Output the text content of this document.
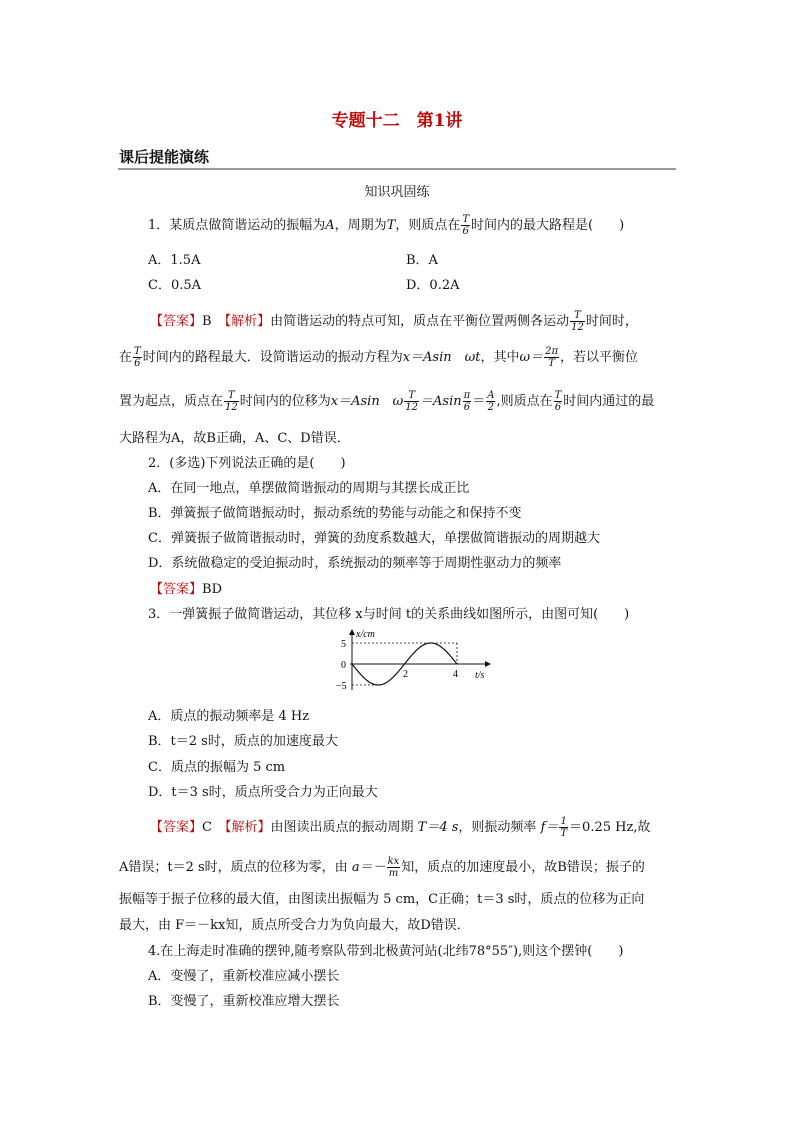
专题十二　第1讲
课后提能演练
知识巩固练
1．某质点做简谐运动的振幅为A，周期为T，则质点在 $\frac{T}{6}$ 时间内的最大路程是(　　)
A．1.5A	B．A
C．0.5A	D．0.2A
【答案】B　 【解析】由简谐运动的特点可知，质点在平衡位置两侧各运动 $\frac{T}{12}$ 时间时，
在 $\frac{T}{6}$ 时间内的路程最大．设简谐运动的振动方程为x＝Asin　ωt，其中$\omega= \frac{2\pi}{T}$ ，若以平衡位
置为起点，质点在 $\frac{T}{12}$ 时间内的位移为x＝Asin　ω $\frac{T}{12} =Asin \frac{\pi}{6} = \frac{A}{2}$ ,则质点在 $\frac{T}{6}$ 时间内通过的最
大路程为A，故B正确，A、C、D错误．
2．(多选)下列说法正确的是(　　)
A．在同一地点，单摆做简谐振动的周期与其摆长成正比
B．弹簧振子做简谐振动时，振动系统的势能与动能之和保持不变
C．弹簧振子做简谐振动时，弹簧的劲度系数越大，单摆做简谐振动的周期越大
D．系统做稳定的受迫振动时，系统振动的频率等于周期性驱动力的频率
【答案】BD
3．一弹簧振子做简谐运动，其位移 x与时间 t的关系曲线如图所示，由图可知(　　)
x/cm
t/s
5
0
−5
2	4
A．质点的振动频率是 4 Hz
B．t＝2 s时，质点的加速度最大
C．质点的振幅为 5 cm
D．t＝3 s时，质点所受合力为正向最大
【答案】C　 【解析】由图读出质点的振动周期 T＝4 s，则振动频率 $f= \frac{1}{T} =0.25$ Hz,故
A错误；t＝2 s时，质点的位移为零，由 $a=- \frac{kx}{m}$ 知，质点的加速度最小，故B错误；振子的
振幅等于振子位移的最大值，由图读出振幅为 5 cm，C正确；t＝3 s时，质点的位移为正向
最大，由 F＝－kx知，质点所受合力为负向最大，故D错误．
4.在上海走时准确的摆钟,随考察队带到北极黄河站(北纬78°55″),则这个摆钟(　　)
A．变慢了，重新校准应减小摆长
B．变慢了，重新校准应增大摆长
